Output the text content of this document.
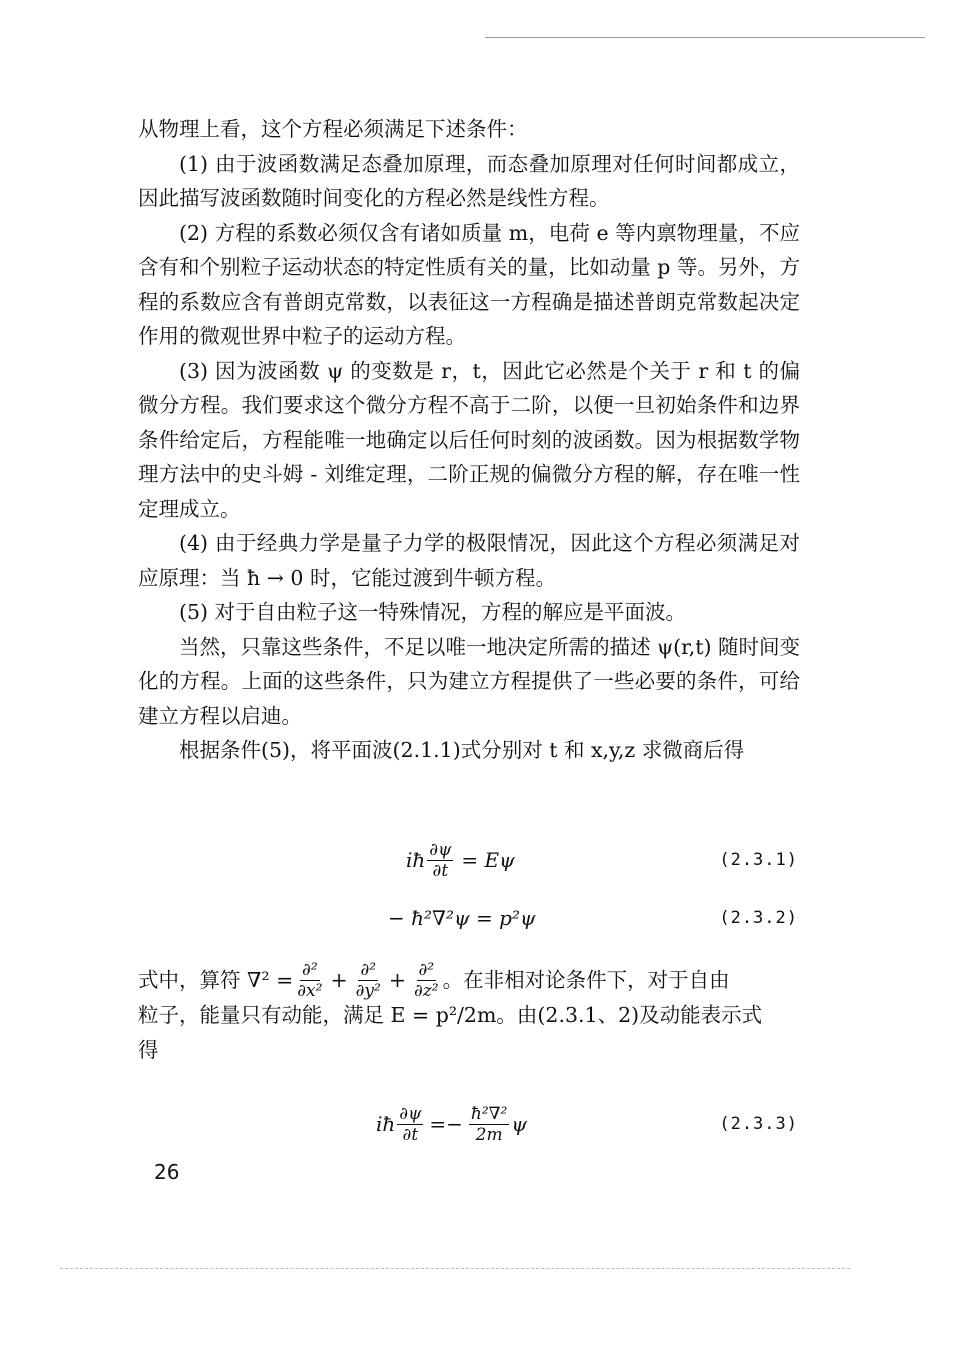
从物理上看，这个方程必须满足下述条件：

(1) 由于波函数满足态叠加原理，而态叠加原理对任何时间都成立，因此描写波函数随时间变化的方程必然是线性方程。

(2) 方程的系数必须仅含有诸如质量 m，电荷 e 等内禀物理量，不应含有和个别粒子运动状态的特定性质有关的量，比如动量 p 等。另外，方程的系数应含有普朗克常数，以表征这一方程确是描述普朗克常数起决定作用的微观世界中粒子的运动方程。

(3) 因为波函数 ψ 的变数是 r，t，因此它必然是个关于 r 和 t 的偏微分方程。我们要求这个微分方程不高于二阶，以便一旦初始条件和边界条件给定后，方程能唯一地确定以后任何时刻的波函数。因为根据数学物理方法中的史斗姆 - 刘维定理，二阶正规的偏微分方程的解，存在唯一性定理成立。

(4) 由于经典力学是量子力学的极限情况，因此这个方程必须满足对应原理：当 ħ → 0 时，它能过渡到牛顿方程。

(5) 对于自由粒子这一特殊情况，方程的解应是平面波。

当然，只靠这些条件，不足以唯一地决定所需的描述 ψ(r,t) 随时间变化的方程。上面的这些条件，只为建立方程提供了一些必要的条件，可给建立方程以启迪。

根据条件(5)，将平面波(2.1.1)式分别对 t 和 x,y,z 求微商后得

iħ $\frac{\partial\psi}{\partial t} = E\psi$	(2.3.1)
− ħ²∇²ψ = p²ψ	(2.3.2)
式中，算符 $\nabla^2 = \frac{\text{∂²}}{\text{∂x²}} + \frac{\text{∂²}}{\text{∂y²}} + \frac{\text{∂²}}{\text{∂z²}}$ 。在非相对论条件下，对于自由

粒子，能量只有动能，满足 E = p²/2m。由(2.3.1、2)及动能表示式

得

iħ $\frac{\partial\psi}{\partial t} =- \frac{\text{ħ²∇²}}{2m}$ ψ	(2.3.3)
26
